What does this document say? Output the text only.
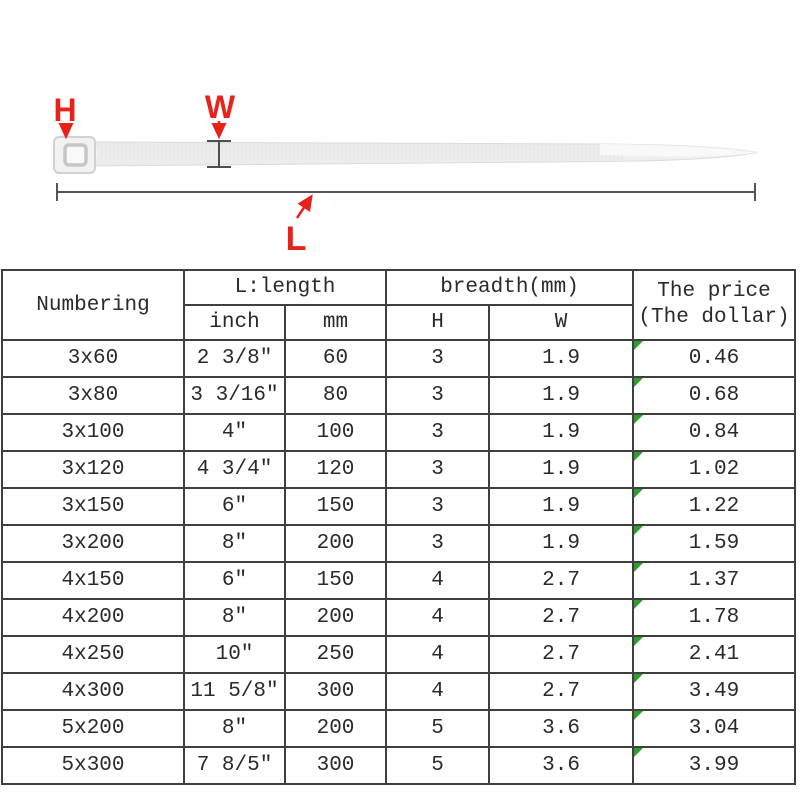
H	W
L
Numbering	L:length		breadth(mm)		The price
(The dollar)

	inch	mm	H	W	
3x60	2 3/8″	60	3	1.9	0.46
3x80	3 3/16″	80	3	1.9	0.68
3x100	4″	100	3	1.9	0.84
3x120	4 3/4″	120	3	1.9	1.02
3x150	6″	150	3	1.9	1.22
3x200	8″	200	3	1.9	1.59
4x150	6″	150	4	2.7	1.37
4x200	8″	200	4	2.7	1.78
4x250	10″	250	4	2.7	2.41
4x300	11 5/8″	300	4	2.7	3.49
5x200	8″	200	5	3.6	3.04
5x300	7 8/5″	300	5	3.6	3.99
